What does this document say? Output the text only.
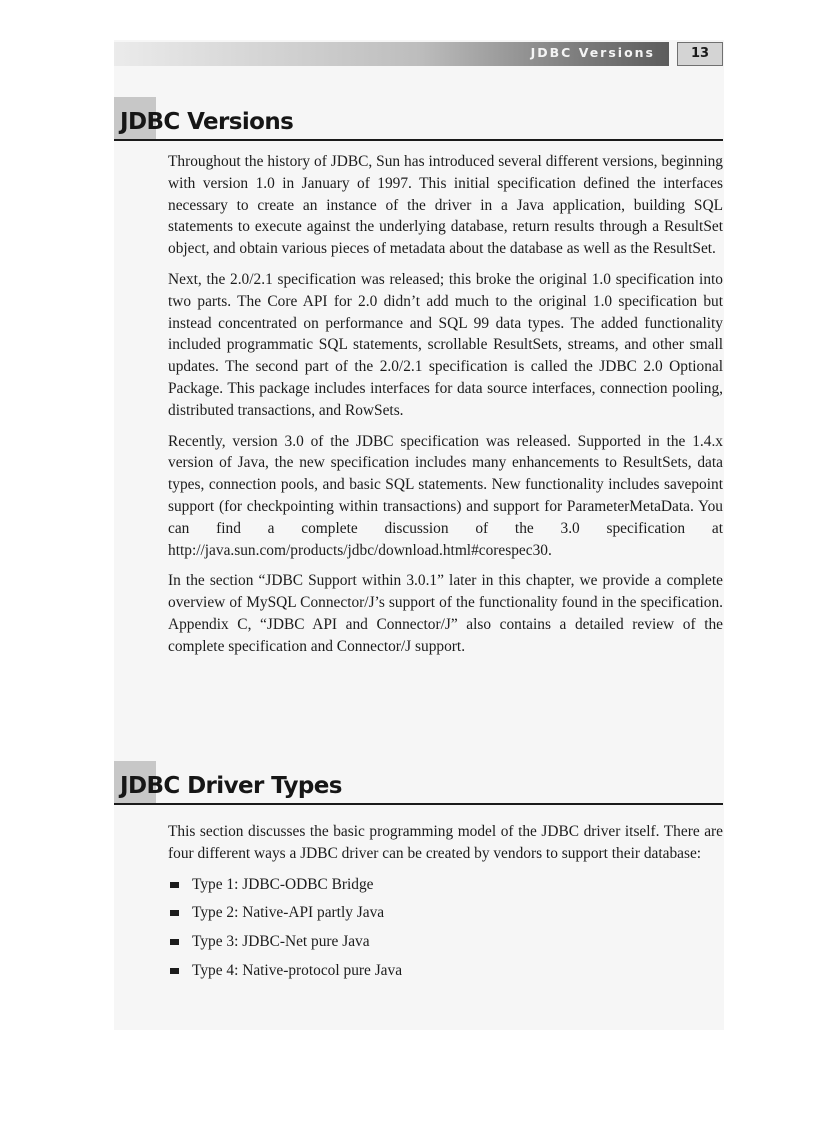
JDBC Versions	13
JDBC Versions

Throughout the history of JDBC, Sun has introduced several different versions, beginning with version 1.0 in January of 1997. This initial specification defined the interfaces necessary to create an instance of the driver in a Java application, building SQL statements to execute against the underlying database, return results through a ResultSet object, and obtain various pieces of metadata about the database as well as the ResultSet.

Next, the 2.0/2.1 specification was released; this broke the original 1.0 specification into two parts. The Core API for 2.0 didn’t add much to the original 1.0 specification but instead concentrated on performance and SQL 99 data types. The added functionality included programmatic SQL statements, scrollable ResultSets, streams, and other small updates. The second part of the 2.0/2.1 specification is called the JDBC 2.0 Optional Package. This package includes interfaces for data source interfaces, connection pooling, distributed transactions, and RowSets.

Recently, version 3.0 of the JDBC specification was released. Supported in the 1.4.x version of Java, the new specification includes many enhancements to ResultSets, data types, connection pools, and basic SQL statements. New functionality includes savepoint support (for checkpointing within transactions) and support for ParameterMetaData. You can find a complete discussion of the 3.0 specification at http://java.sun.com/products/jdbc/download.html#corespec30.

In the section “JDBC Support within 3.0.1” later in this chapter, we provide a complete overview of MySQL Connector/J’s support of the functionality found in the specification. Appendix C, “JDBC API and Connector/J” also contains a detailed review of the complete specification and Connector/J support.

JDBC Driver Types

This section discusses the basic programming model of the JDBC driver itself. There are four different ways a JDBC driver can be created by vendors to support their database:

Type 1: JDBC-ODBC Bridge
Type 2: Native-API partly Java
Type 3: JDBC-Net pure Java
Type 4: Native-protocol pure Java
